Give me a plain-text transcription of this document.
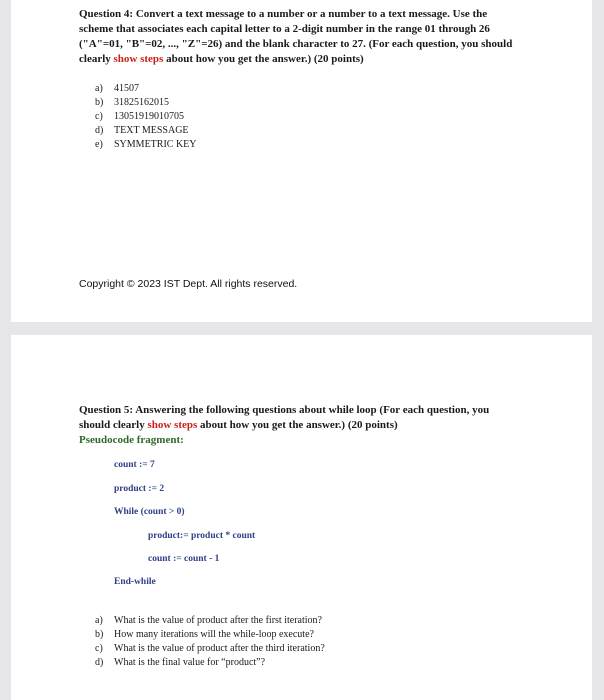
Question 4: Convert a text message to a number or a number to a text message. Use the scheme that associates each capital letter to a 2-digit number in the range 01 through 26 ("A"=01, "B"=02, ..., "Z"=26) and the blank character to 27. (For each question, you should clearly show steps about how you get the answer.) (20 points)
a)	41507
b)	31825162015
c)	13051919010705
d)	TEXT MESSAGE
e)	SYMMETRIC KEY
Copyright © 2023 IST Dept. All rights reserved.
Question 5: Answering the following questions about while loop (For each question, you should clearly show steps about how you get the answer.) (20 points)
Pseudocode fragment:
count := 7
product := 2
While (count > 0)
product:= product * count
count := count - 1
End-while
a)	What is the value of product after the first iteration?
b)	How many iterations will the while-loop execute?
c)	What is the value of product after the third iteration?
d)	What is the final value for “product”?
